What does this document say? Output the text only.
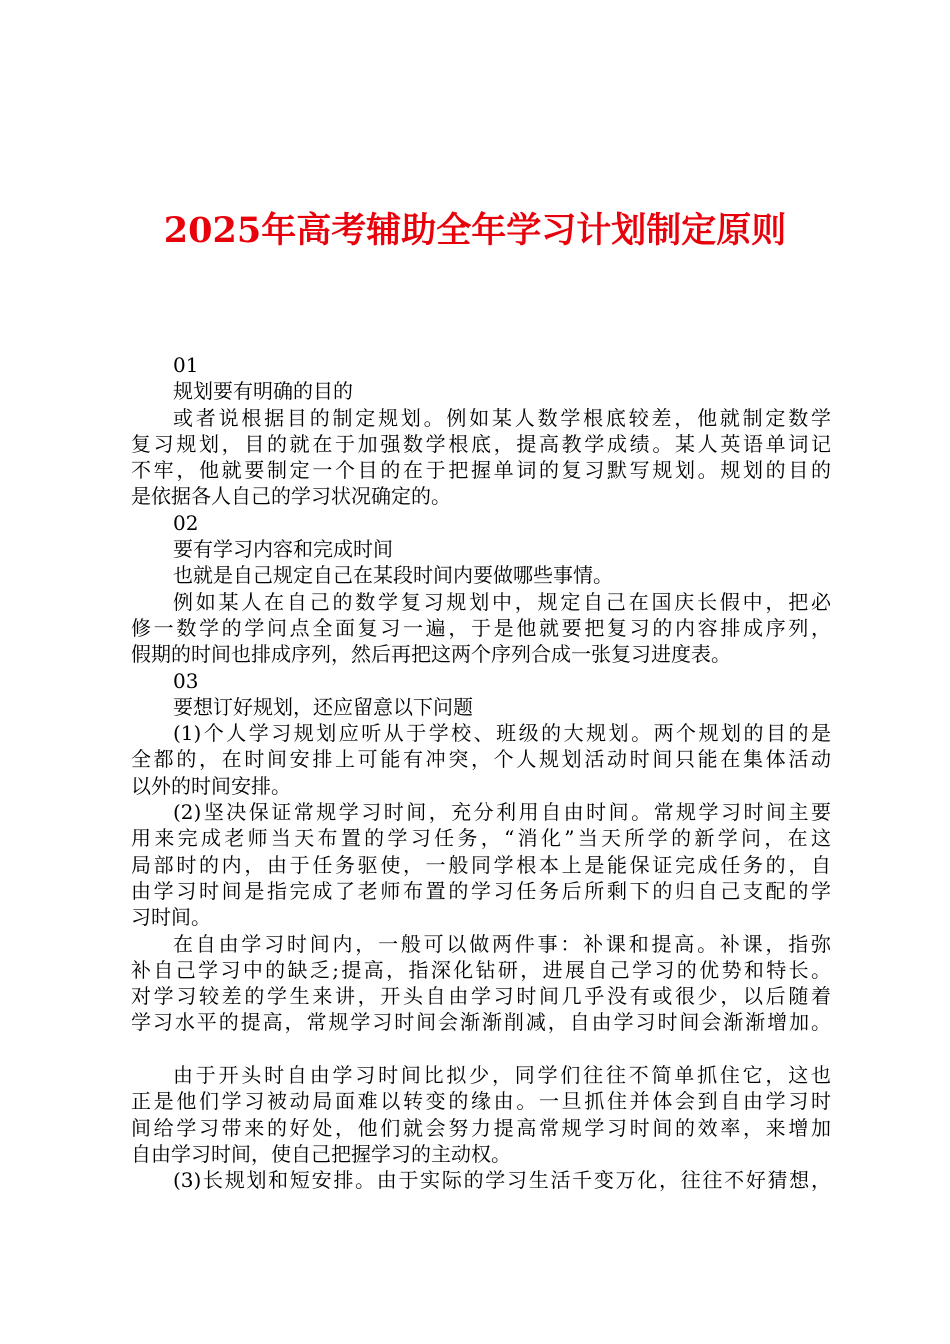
2025年高考辅助全年学习计划制定原则
01
规划要有明确的目的
或者说根据目的制定规划。例如某人数学根底较差，他就制定数学
复习规划，目的就在于加强数学根底，提高教学成绩。某人英语单词记
不牢，他就要制定一个目的在于把握单词的复习默写规划。规划的目的
是依据各人自己的学习状况确定的。
02
要有学习内容和完成时间
也就是自己规定自己在某段时间内要做哪些事情。
例如某人在自己的数学复习规划中，规定自己在国庆长假中，把必
修一数学的学问点全面复习一遍，于是他就要把复习的内容排成序列，
假期的时间也排成序列，然后再把这两个序列合成一张复习进度表。
03
要想订好规划，还应留意以下问题
(1)个人学习规划应听从于学校、班级的大规划。两个规划的目的是
全都的，在时间安排上可能有冲突，个人规划活动时间只能在集体活动
以外的时间安排。
(2)坚决保证常规学习时间，充分利用自由时间。常规学习时间主要
用来完成老师当天布置的学习任务，“消化”当天所学的新学问，在这
局部时的内，由于任务驱使，一般同学根本上是能保证完成任务的，自
由学习时间是指完成了老师布置的学习任务后所剩下的归自己支配的学
习时间。
在自由学习时间内，一般可以做两件事：补课和提高。补课，指弥
补自己学习中的缺乏;提高，指深化钻研，进展自己学习的优势和特长。
对学习较差的学生来讲，开头自由学习时间几乎没有或很少，以后随着
学习水平的提高，常规学习时间会渐渐削减，自由学习时间会渐渐增加。
由于开头时自由学习时间比拟少，同学们往往不简单抓住它，这也
正是他们学习被动局面难以转变的缘由。一旦抓住并体会到自由学习时
间给学习带来的好处，他们就会努力提高常规学习时间的效率，来增加
自由学习时间，使自己把握学习的主动权。
(3)长规划和短安排。由于实际的学习生活千变万化，往往不好猜想，
